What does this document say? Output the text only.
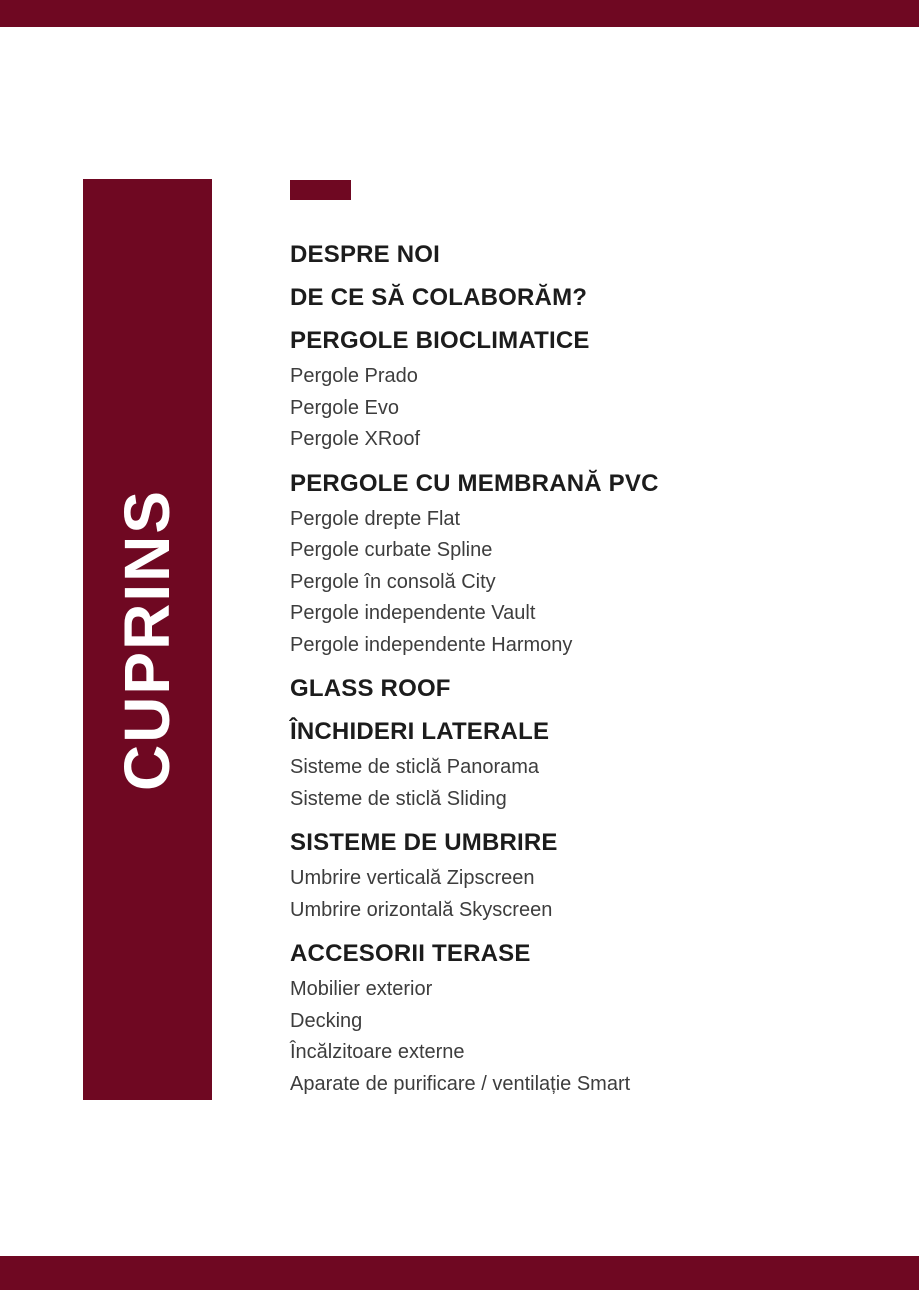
CUPRINS
DESPRE NOI
DE CE SĂ COLABORĂM?
PERGOLE BIOCLIMATICE
Pergole Prado
Pergole Evo
Pergole XRoof
PERGOLE CU MEMBRANĂ PVC
Pergole drepte Flat
Pergole curbate Spline
Pergole în consolă City
Pergole independente Vault
Pergole independente Harmony
GLASS ROOF
ÎNCHIDERI LATERALE
Sisteme de sticlă Panorama
Sisteme de sticlă Sliding
SISTEME DE UMBRIRE
Umbrire verticală Zipscreen
Umbrire orizontală Skyscreen
ACCESORII TERASE
Mobilier exterior
Decking
Încălzitoare externe
Aparate de purificare / ventilație Smart
